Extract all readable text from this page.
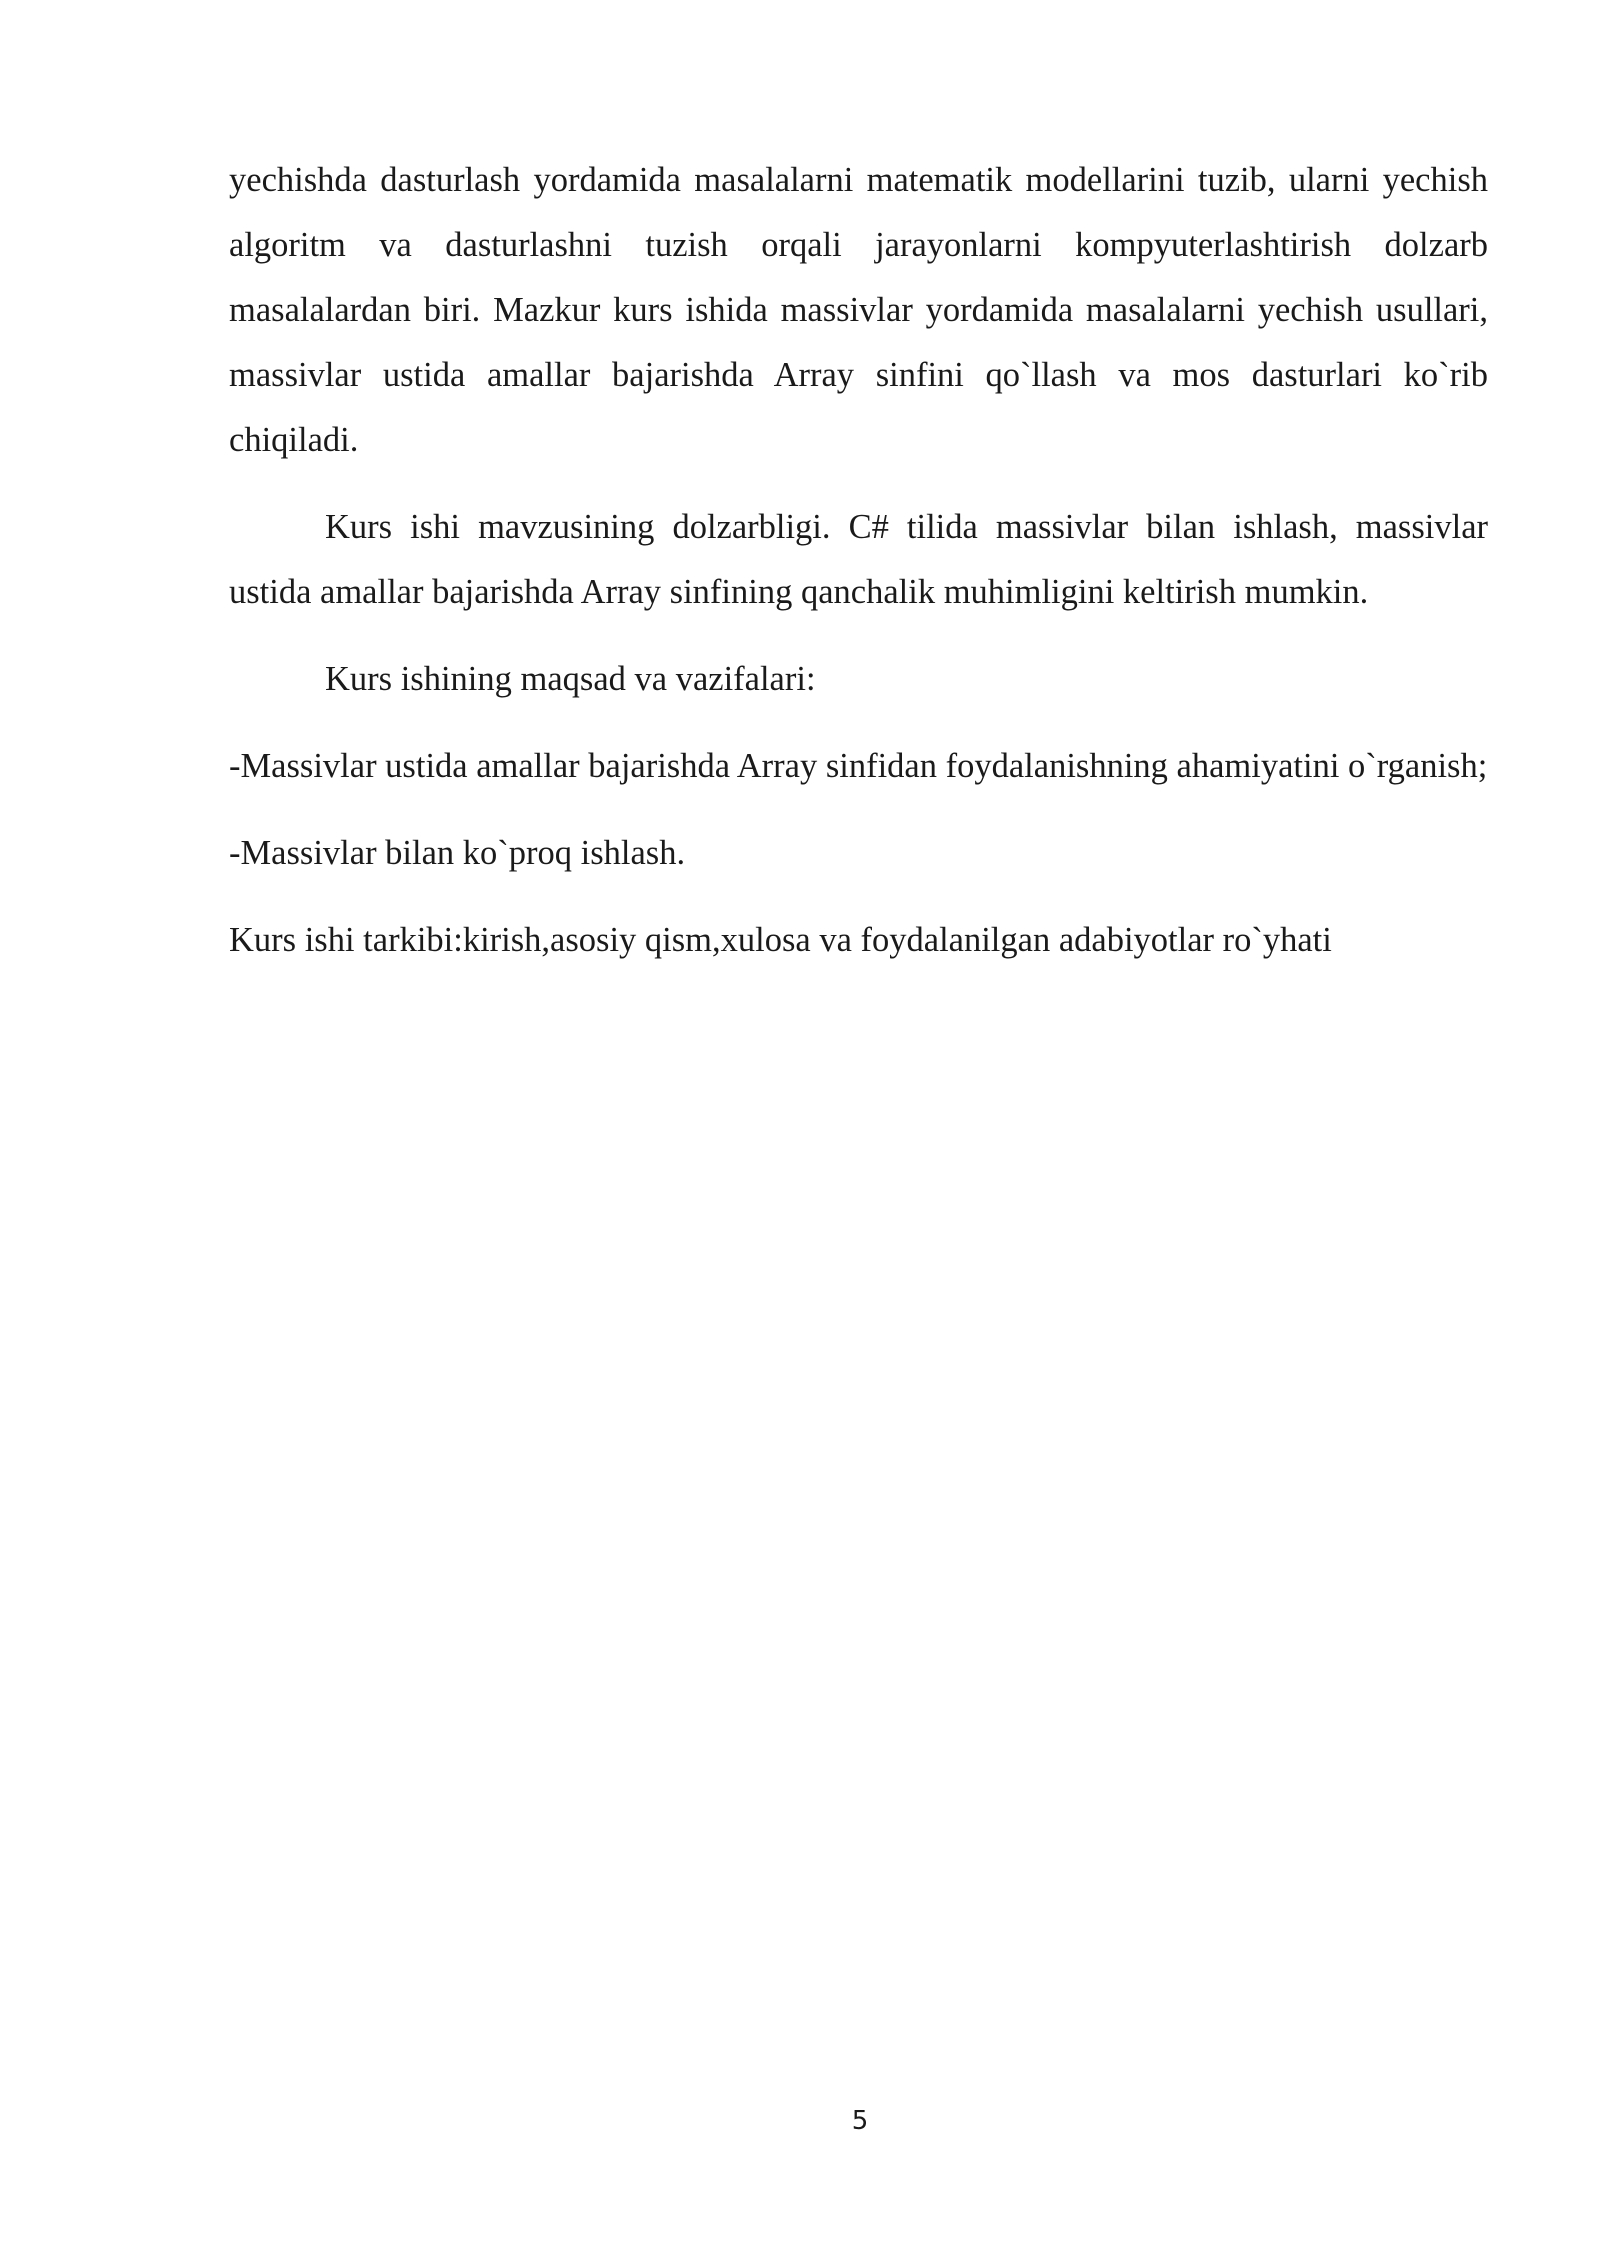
yechishda dasturlash yordamida masalalarni matematik modellarini tuzib, ularni yechish algoritm va dasturlashni tuzish orqali jarayonlarni kompyuterlashtirish dolzarb masalalardan biri. Mazkur kurs ishida massivlar yordamida masalalarni yechish usullari, massivlar ustida amallar bajarishda Array sinfini qo`llash va mos dasturlari ko`rib chiqiladi.

Kurs ishi mavzusining dolzarbligi. C# tilida massivlar bilan ishlash, massivlar ustida amallar bajarishda Array sinfining qanchalik muhimligini keltirish mumkin.

Kurs ishining maqsad va vazifalari:

-Massivlar ustida amallar bajarishda Array sinfidan foydalanishning ahamiyatini o`rganish;

-Massivlar bilan ko`proq ishlash.

Kurs ishi tarkibi:kirish,asosiy qism,xulosa va foydalanilgan adabiyotlar ro`yhati

5
